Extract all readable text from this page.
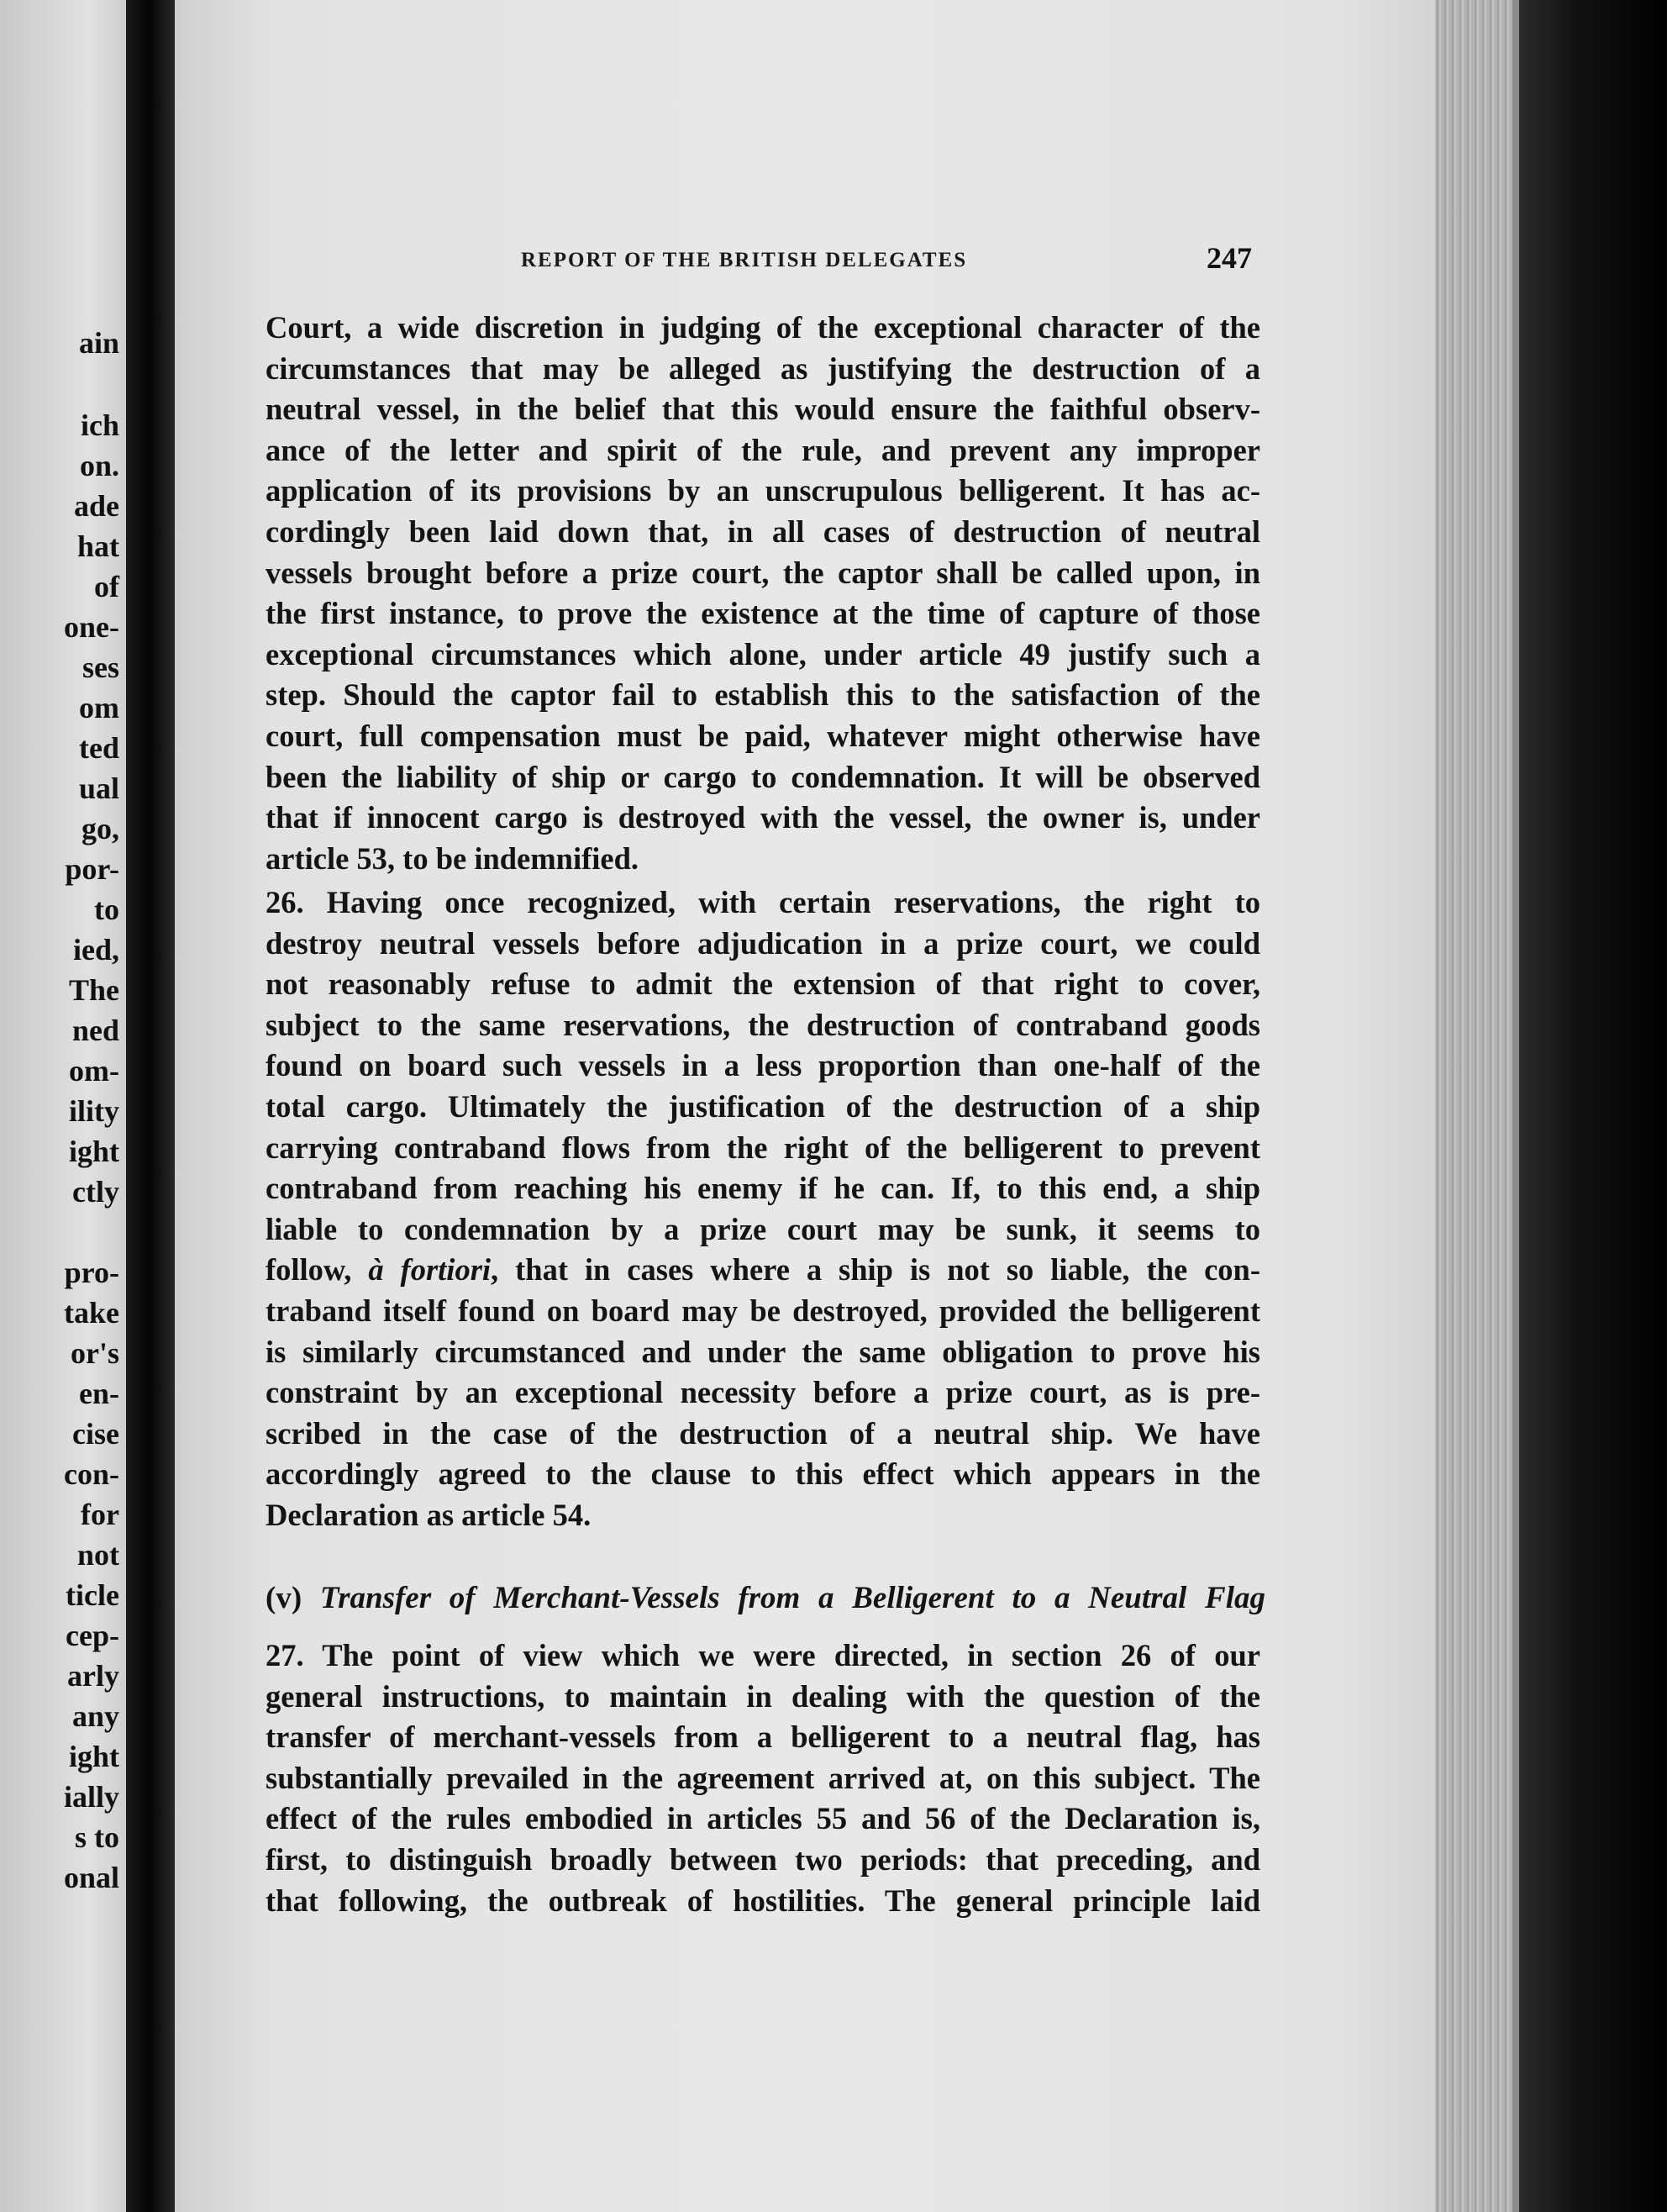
ain
ich
on.
ade
hat
of
one-
ses
om
ted
ual
go,
por-
to
ied,
The
ned
om-
ility
ight
ctly
pro-
take
or's
en-
cise
con-
for
not
ticle
cep-
arly
any
ight
ially
s to
onal
REPORT OF THE BRITISH DELEGATES	247
Court, a wide discretion in judging of the exceptional character of the
circumstances that may be alleged as justifying the destruction of a
neutral vessel, in the belief that this would ensure the faithful observ-
ance of the letter and spirit of the rule, and prevent any improper
application of its provisions by an unscrupulous belligerent. It has ac-
cordingly been laid down that, in all cases of destruction of neutral
vessels brought before a prize court, the captor shall be called upon, in
the first instance, to prove the existence at the time of capture of those
exceptional circumstances which alone, under article 49 justify such a
step. Should the captor fail to establish this to the satisfaction of the
court, full compensation must be paid, whatever might otherwise have
been the liability of ship or cargo to condemnation. It will be observed
that if innocent cargo is destroyed with the vessel, the owner is, under
article 53, to be indemnified.
26. Having once recognized, with certain reservations, the right to
destroy neutral vessels before adjudication in a prize court, we could
not reasonably refuse to admit the extension of that right to cover,
subject to the same reservations, the destruction of contraband goods
found on board such vessels in a less proportion than one-half of the
total cargo. Ultimately the justification of the destruction of a ship
carrying contraband flows from the right of the belligerent to prevent
contraband from reaching his enemy if he can. If, to this end, a ship
liable to condemnation by a prize court may be sunk, it seems to
follow, à fortiori, that in cases where a ship is not so liable, the con-
traband itself found on board may be destroyed, provided the belligerent
is similarly circumstanced and under the same obligation to prove his
constraint by an exceptional necessity before a prize court, as is pre-
scribed in the case of the destruction of a neutral ship. We have
accordingly agreed to the clause to this effect which appears in the
Declaration as article 54.
(v) Transfer of Merchant-Vessels from a Belligerent to a Neutral Flag
27. The point of view which we were directed, in section 26 of our
general instructions, to maintain in dealing with the question of the
transfer of merchant-vessels from a belligerent to a neutral flag, has
substantially prevailed in the agreement arrived at, on this subject. The
effect of the rules embodied in articles 55 and 56 of the Declaration is,
first, to distinguish broadly between two periods: that preceding, and
that following, the outbreak of hostilities. The general principle laid
